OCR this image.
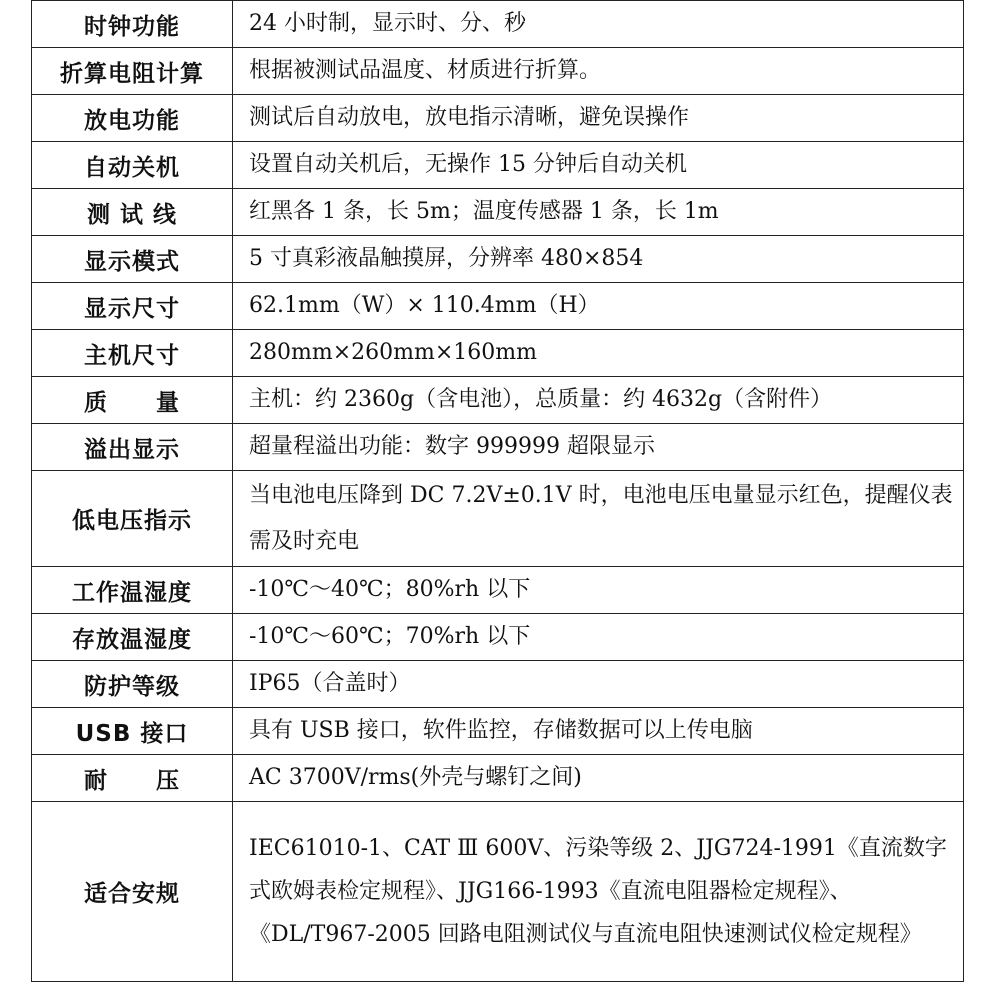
时钟功能	24 小时制，显示时、分、秒
折算电阻计算	根据被测试品温度、材质进行折算。
放电功能	测试后自动放电，放电指示清晰，避免误操作
自动关机	设置自动关机后，无操作 15 分钟后自动关机
测 试 线	红黑各 1 条，长 5m；温度传感器 1 条，长 1m
显示模式	5 寸真彩液晶触摸屏，分辨率 480×854
显示尺寸	62.1mm（W）× 110.4mm（H）
主机尺寸	280mm×260mm×160mm
质　　量	主机：约 2360g（含电池），总质量：约 4632g（含附件）
溢出显示	超量程溢出功能：数字 999999 超限显示
低电压指示	当电池电压降到 DC 7.2V±0.1V 时，电池电压电量显示红色，提醒仪表需及时充电
工作温湿度	-10℃～40℃；80%rh 以下
存放温湿度	-10℃～60℃；70%rh 以下
防护等级	IP65（合盖时）
USB 接口	具有 USB 接口，软件监控，存储数据可以上传电脑
耐　　压	AC 3700V/rms(外壳与螺钉之间)
适合安规	IEC61010-1、CAT Ⅲ 600V、污染等级 2、JJG724-1991《直流数字式欧姆表检定规程》、JJG166-1993《直流电阻器检定规程》、《DL/T967-2005 回路电阻测试仪与直流电阻快速测试仪检定规程》
